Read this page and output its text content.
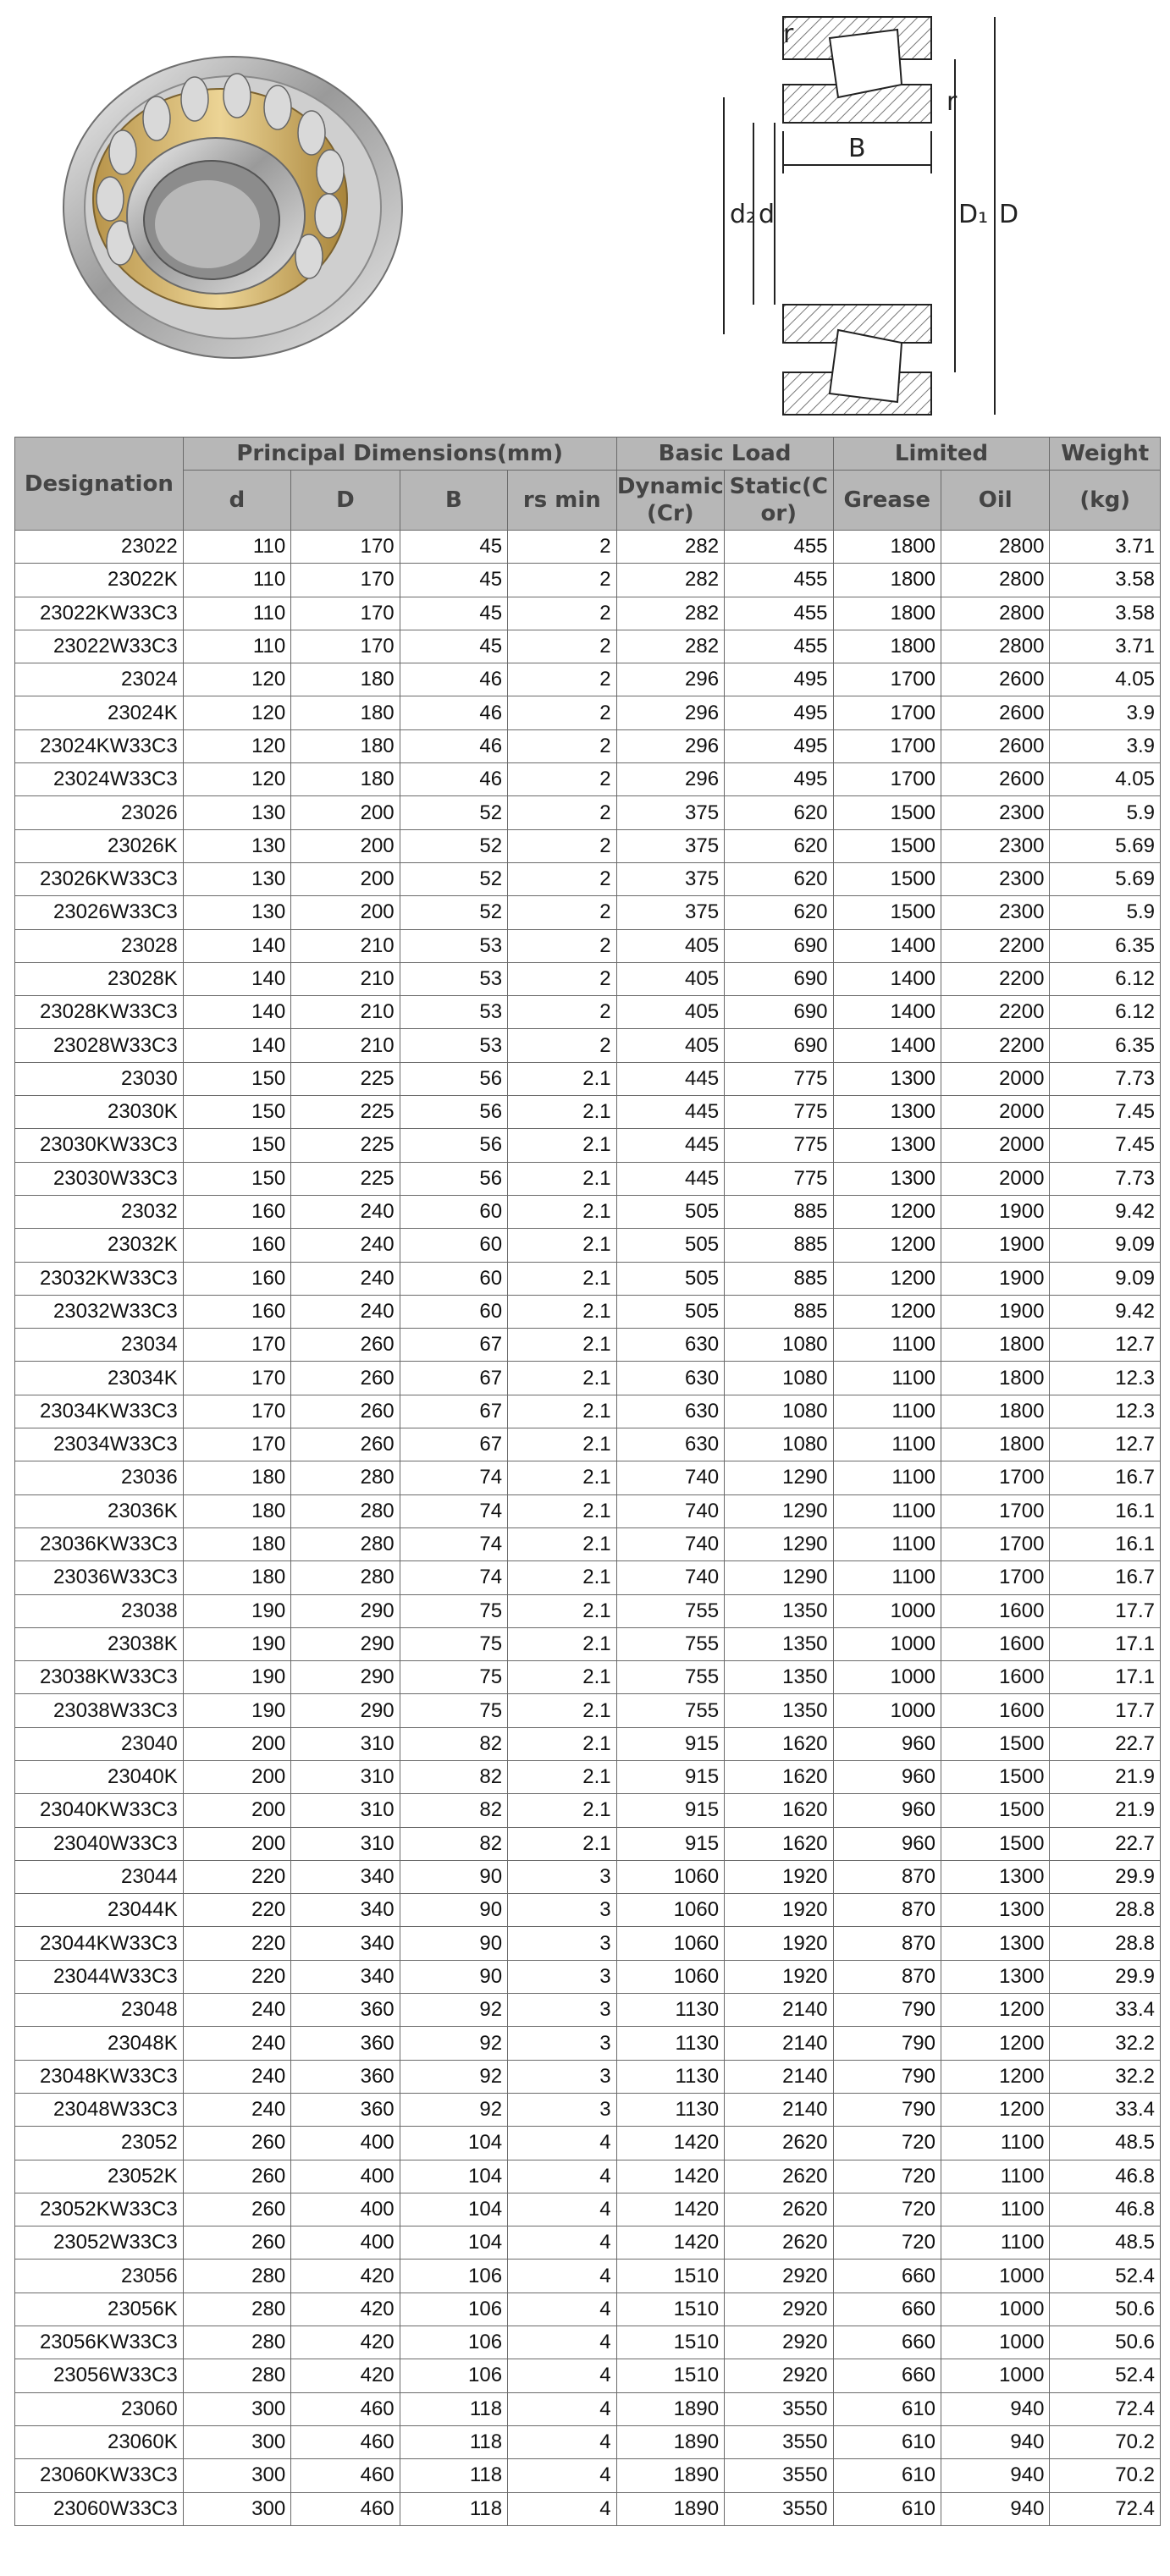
r
r
B
d₂ d	D₁ D
Designation	Principal Dimensions(mm)				Basic Load		Limited		Weight
	d	D	B	rs min	Dynamic (Cr)	Static(C or)	Grease	Oil	(kg)
23022	110	170	45	2	282	455	1800	2800	3.71
23022K	110	170	45	2	282	455	1800	2800	3.58
23022KW33C3	110	170	45	2	282	455	1800	2800	3.58
23022W33C3	110	170	45	2	282	455	1800	2800	3.71
23024	120	180	46	2	296	495	1700	2600	4.05
23024K	120	180	46	2	296	495	1700	2600	3.9
23024KW33C3	120	180	46	2	296	495	1700	2600	3.9
23024W33C3	120	180	46	2	296	495	1700	2600	4.05
23026	130	200	52	2	375	620	1500	2300	5.9
23026K	130	200	52	2	375	620	1500	2300	5.69
23026KW33C3	130	200	52	2	375	620	1500	2300	5.69
23026W33C3	130	200	52	2	375	620	1500	2300	5.9
23028	140	210	53	2	405	690	1400	2200	6.35
23028K	140	210	53	2	405	690	1400	2200	6.12
23028KW33C3	140	210	53	2	405	690	1400	2200	6.12
23028W33C3	140	210	53	2	405	690	1400	2200	6.35
23030	150	225	56	2.1	445	775	1300	2000	7.73
23030K	150	225	56	2.1	445	775	1300	2000	7.45
23030KW33C3	150	225	56	2.1	445	775	1300	2000	7.45
23030W33C3	150	225	56	2.1	445	775	1300	2000	7.73
23032	160	240	60	2.1	505	885	1200	1900	9.42
23032K	160	240	60	2.1	505	885	1200	1900	9.09
23032KW33C3	160	240	60	2.1	505	885	1200	1900	9.09
23032W33C3	160	240	60	2.1	505	885	1200	1900	9.42
23034	170	260	67	2.1	630	1080	1100	1800	12.7
23034K	170	260	67	2.1	630	1080	1100	1800	12.3
23034KW33C3	170	260	67	2.1	630	1080	1100	1800	12.3
23034W33C3	170	260	67	2.1	630	1080	1100	1800	12.7
23036	180	280	74	2.1	740	1290	1100	1700	16.7
23036K	180	280	74	2.1	740	1290	1100	1700	16.1
23036KW33C3	180	280	74	2.1	740	1290	1100	1700	16.1
23036W33C3	180	280	74	2.1	740	1290	1100	1700	16.7
23038	190	290	75	2.1	755	1350	1000	1600	17.7
23038K	190	290	75	2.1	755	1350	1000	1600	17.1
23038KW33C3	190	290	75	2.1	755	1350	1000	1600	17.1
23038W33C3	190	290	75	2.1	755	1350	1000	1600	17.7
23040	200	310	82	2.1	915	1620	960	1500	22.7
23040K	200	310	82	2.1	915	1620	960	1500	21.9
23040KW33C3	200	310	82	2.1	915	1620	960	1500	21.9
23040W33C3	200	310	82	2.1	915	1620	960	1500	22.7
23044	220	340	90	3	1060	1920	870	1300	29.9
23044K	220	340	90	3	1060	1920	870	1300	28.8
23044KW33C3	220	340	90	3	1060	1920	870	1300	28.8
23044W33C3	220	340	90	3	1060	1920	870	1300	29.9
23048	240	360	92	3	1130	2140	790	1200	33.4
23048K	240	360	92	3	1130	2140	790	1200	32.2
23048KW33C3	240	360	92	3	1130	2140	790	1200	32.2
23048W33C3	240	360	92	3	1130	2140	790	1200	33.4
23052	260	400	104	4	1420	2620	720	1100	48.5
23052K	260	400	104	4	1420	2620	720	1100	46.8
23052KW33C3	260	400	104	4	1420	2620	720	1100	46.8
23052W33C3	260	400	104	4	1420	2620	720	1100	48.5
23056	280	420	106	4	1510	2920	660	1000	52.4
23056K	280	420	106	4	1510	2920	660	1000	50.6
23056KW33C3	280	420	106	4	1510	2920	660	1000	50.6
23056W33C3	280	420	106	4	1510	2920	660	1000	52.4
23060	300	460	118	4	1890	3550	610	940	72.4
23060K	300	460	118	4	1890	3550	610	940	70.2
23060KW33C3	300	460	118	4	1890	3550	610	940	70.2
23060W33C3	300	460	118	4	1890	3550	610	940	72.4
